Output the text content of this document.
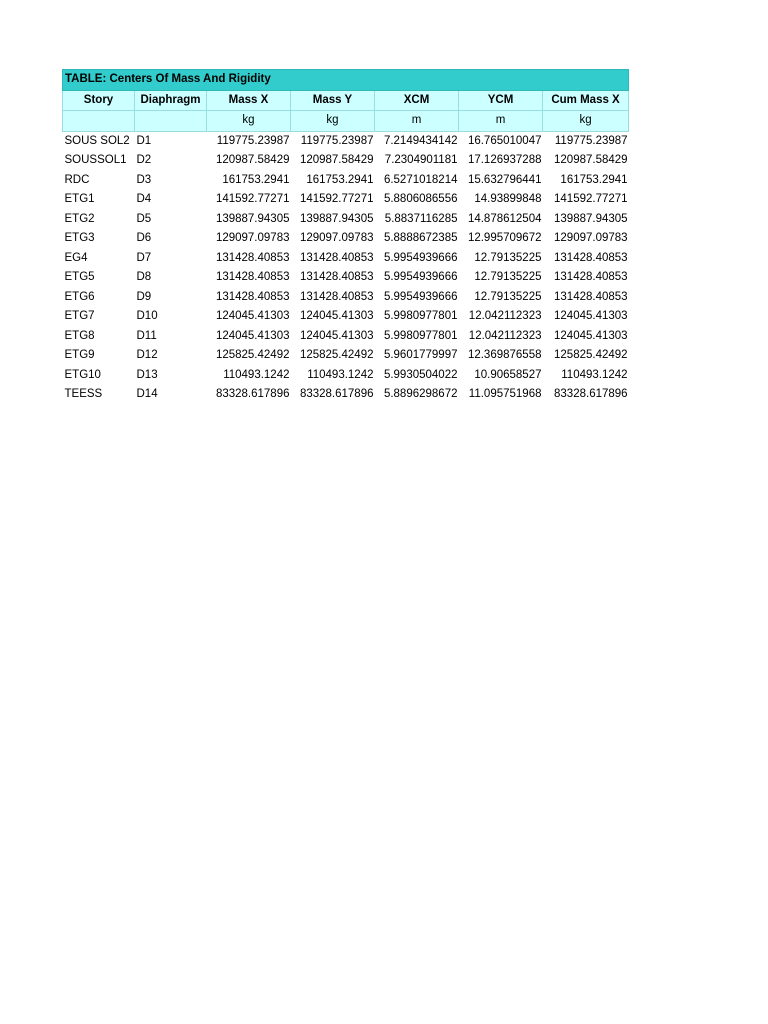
TABLE: Centers Of Mass And Rigidity						
Story	Diaphragm	Mass X	Mass Y	XCM	YCM	Cum Mass X
		kg	kg	m	m	kg
SOUS SOL2	D1	119775.23987	119775.23987	7.2149434142	16.765010047	119775.23987
SOUSSOL1	D2	120987.58429	120987.58429	7.2304901181	17.126937288	120987.58429
RDC	D3	161753.2941	161753.2941	6.5271018214	15.632796441	161753.2941
ETG1	D4	141592.77271	141592.77271	5.8806086556	14.93899848	141592.77271
ETG2	D5	139887.94305	139887.94305	5.8837116285	14.878612504	139887.94305
ETG3	D6	129097.09783	129097.09783	5.8888672385	12.995709672	129097.09783
EG4	D7	131428.40853	131428.40853	5.9954939666	12.79135225	131428.40853
ETG5	D8	131428.40853	131428.40853	5.9954939666	12.79135225	131428.40853
ETG6	D9	131428.40853	131428.40853	5.9954939666	12.79135225	131428.40853
ETG7	D10	124045.41303	124045.41303	5.9980977801	12.042112323	124045.41303
ETG8	D11	124045.41303	124045.41303	5.9980977801	12.042112323	124045.41303
ETG9	D12	125825.42492	125825.42492	5.9601779997	12.369876558	125825.42492
ETG10	D13	110493.1242	110493.1242	5.9930504022	10.90658527	110493.1242
TEESS	D14	83328.617896	83328.617896	5.8896298672	11.095751968	83328.617896
